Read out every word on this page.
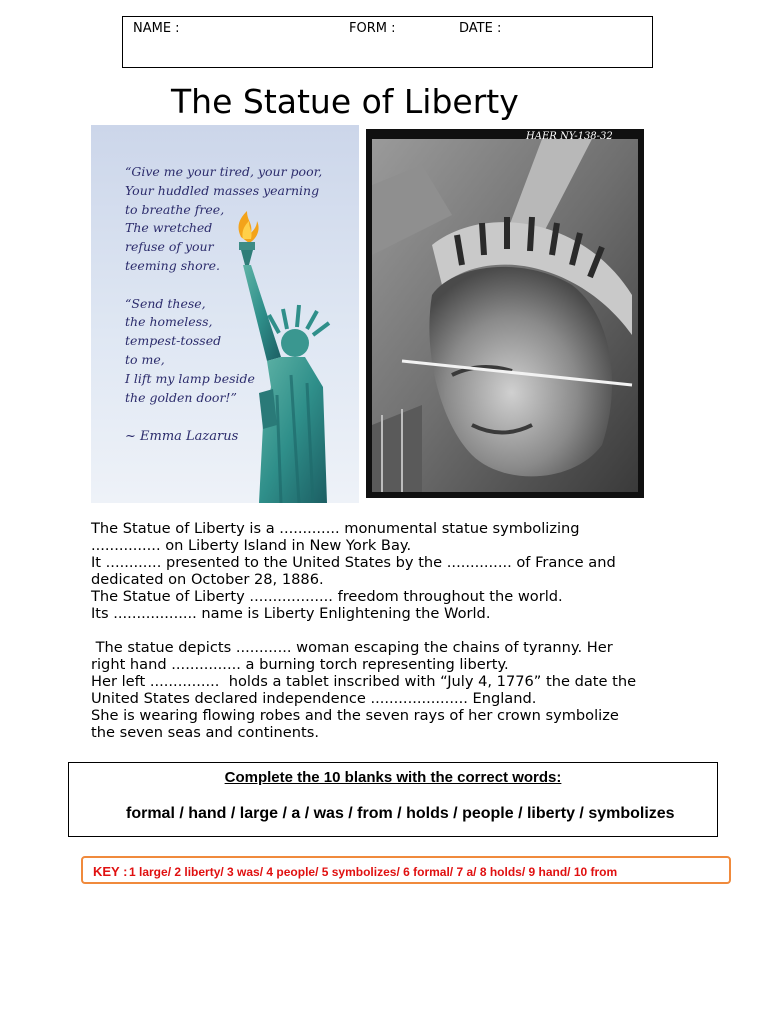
NAME :	FORM :	DATE :
The Statue of Liberty
“Give me your tired, your poor,
Your huddled masses yearning
to breathe free,
The wretched
refuse of your
teeming shore.

“Send these,
the homeless,
tempest-tossed
to me,
I lift my lamp beside
the golden door!”
~ Emma Lazarus
HAER NY-138-32

The Statue of Liberty is a ............. monumental statue symbolizing

............... on Liberty Island in New York Bay.

It ............ presented to the United States by the .............. of France and

dedicated on October 28, 1886.

The Statue of Liberty .................. freedom throughout the world.

Its .................. name is Liberty Enlightening the World.

The statue depicts ............ woman escaping the chains of tyranny. Her

right hand ............... a burning torch representing liberty.

Her left ...............  holds a tablet inscribed with “July 4, 1776” the date the

United States declared independence ..................... England.

She is wearing flowing robes and the seven rays of her crown symbolize

the seven seas and continents.

Complete the 10 blanks with the correct words:
formal / hand / large / a / was / from / holds / people / liberty / symbolizes
KEY : 1 large/ 2 liberty/ 3 was/ 4 people/ 5 symbolizes/ 6 formal/ 7 a/ 8 holds/ 9 hand/ 10 from
